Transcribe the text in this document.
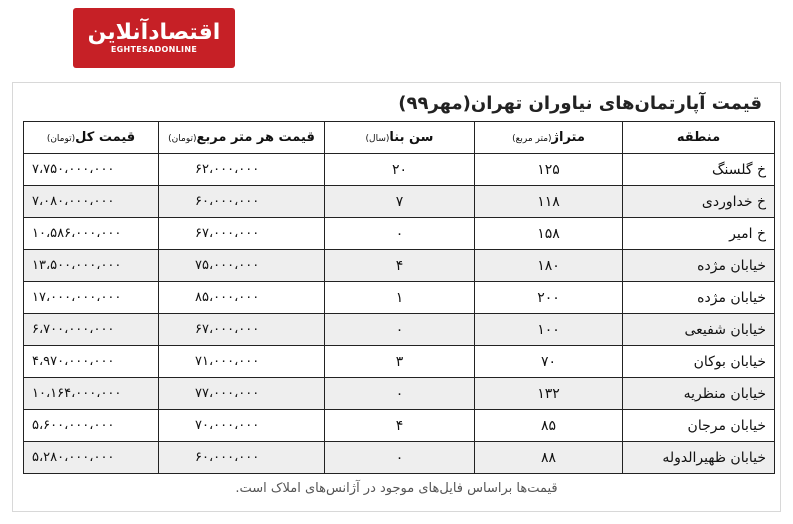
اقتصادآنلاین
EGHTESADONLINE
قیمت آپارتمان‌های نیاوران تهران(مهر۹۹)
منطقه	متراژ(متر مربع)	سن بنا(سال)	قیمت هر متر مربع(تومان)	قیمت کل(تومان)
خ گلسنگ	۱۲۵	۲۰	۶۲،۰۰۰،۰۰۰	۷،۷۵۰،۰۰۰،۰۰۰
خ خداوردی	۱۱۸	۷	۶۰،۰۰۰،۰۰۰	۷،۰۸۰،۰۰۰،۰۰۰
خ امیر	۱۵۸	۰	۶۷،۰۰۰،۰۰۰	۱۰،۵۸۶،۰۰۰،۰۰۰
خیابان مژده	۱۸۰	۴	۷۵،۰۰۰،۰۰۰	۱۳،۵۰۰،۰۰۰،۰۰۰
خیابان مژده	۲۰۰	۱	۸۵،۰۰۰،۰۰۰	۱۷،۰۰۰،۰۰۰،۰۰۰
خیابان شفیعی	۱۰۰	۰	۶۷،۰۰۰،۰۰۰	۶،۷۰۰،۰۰۰،۰۰۰
خیابان بوکان	۷۰	۳	۷۱،۰۰۰،۰۰۰	۴،۹۷۰،۰۰۰،۰۰۰
خیابان منظریه	۱۳۲	۰	۷۷،۰۰۰،۰۰۰	۱۰،۱۶۴،۰۰۰،۰۰۰
خیابان مرجان	۸۵	۴	۷۰،۰۰۰،۰۰۰	۵،۶۰۰،۰۰۰،۰۰۰
خیابان ظهیرالدوله	۸۸	۰	۶۰،۰۰۰،۰۰۰	۵،۲۸۰،۰۰۰،۰۰۰
قیمت‌ها براساس فایل‌های موجود در آژانس‌های املاک است.
